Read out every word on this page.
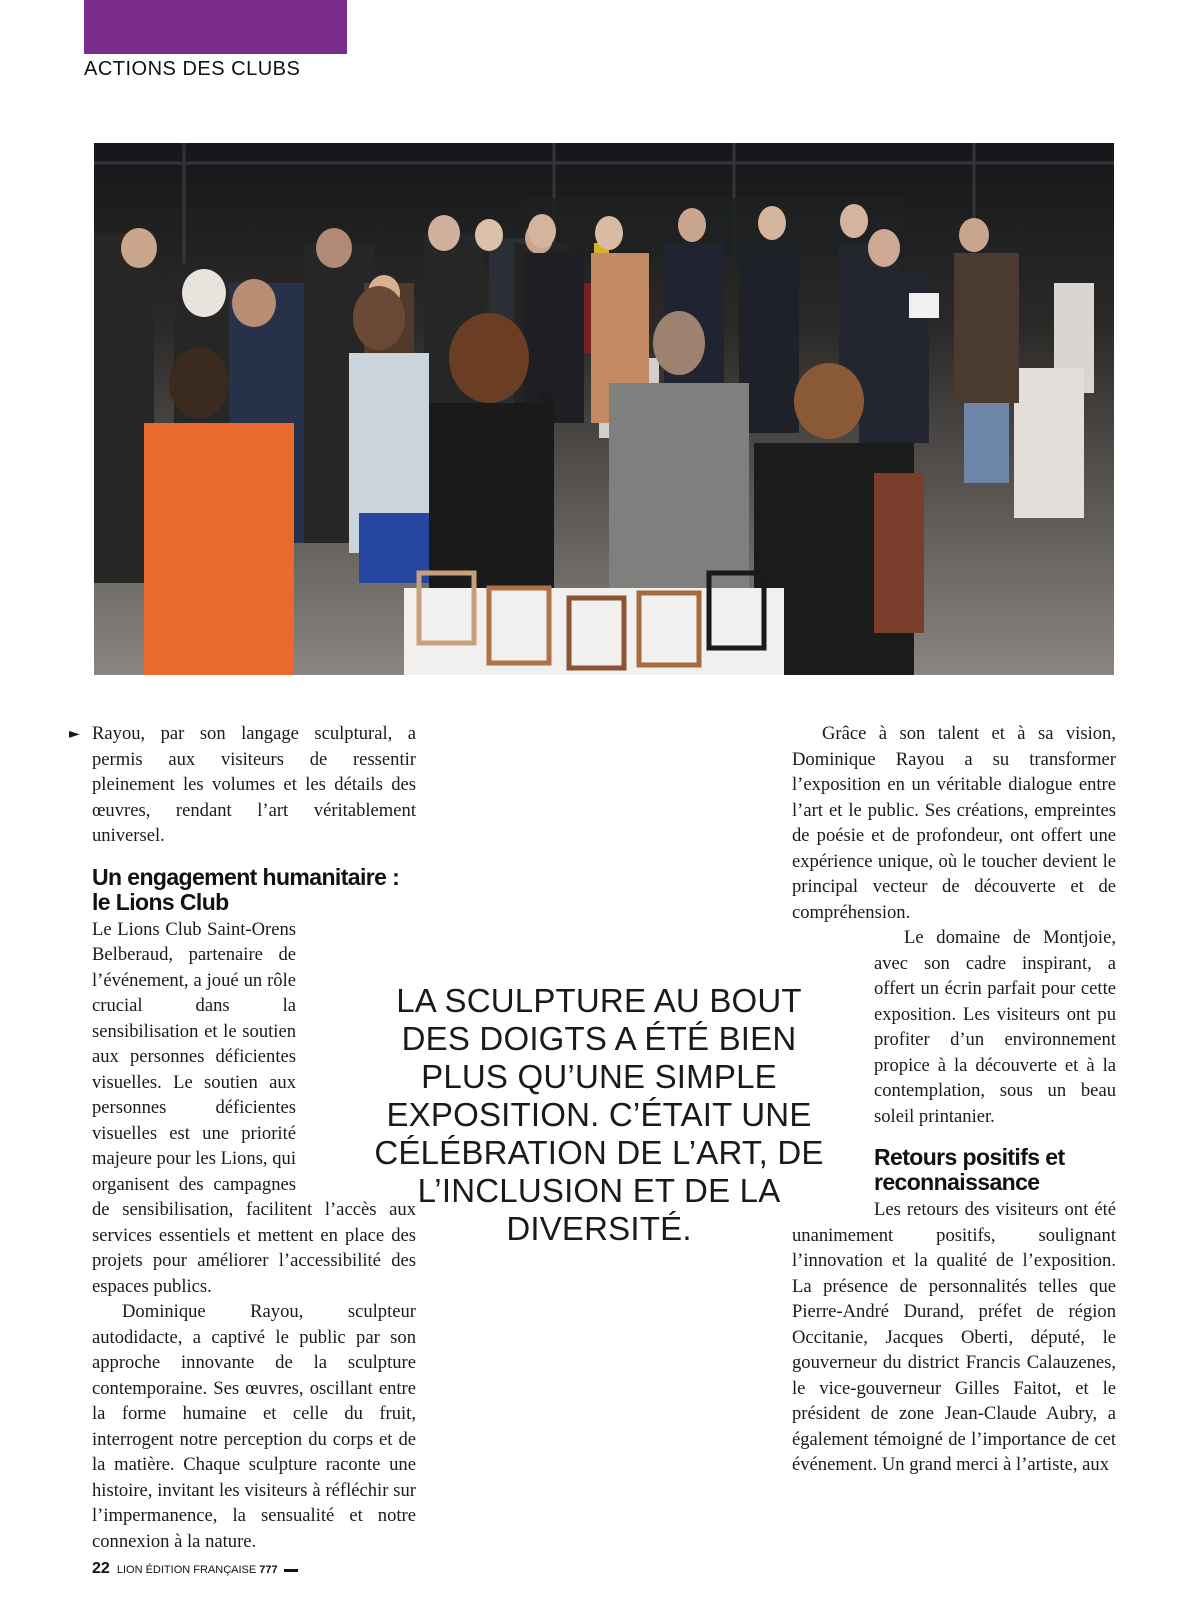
ACTIONS DES CLUBS
► Rayou, par son langage sculptural, a permis aux visiteurs de ressentir pleinement les volumes et les détails des œuvres, rendant l’art véritablement universel.

Un engagement humanitaire : le Lions Club

Le Lions Club Saint-Orens Belberaud, partenaire de l’événement, a joué un rôle crucial dans la sensibilisation et le soutien aux personnes déficientes visuelles. Le soutien aux personnes déficientes visuelles est une priorité majeure pour les Lions, qui organisent des campagnes de sensibilisation, facilitent l’accès aux services essentiels et mettent en place des projets pour améliorer l’accessibilité des espaces publics.

Dominique Rayou, sculpteur autodidacte, a captivé le public par son approche innovante de la sculpture contemporaine. Ses œuvres, oscillant entre la forme humaine et celle du fruit, interrogent notre perception du corps et de la matière. Chaque sculpture raconte une histoire, invitant les visiteurs à réfléchir sur l’impermanence, la sensualité et notre connexion à la nature.

LA SCULPTURE AU BOUT DES DOIGTS A ÉTÉ BIEN PLUS QU’UNE SIMPLE EXPOSITION. C’ÉTAIT UNE CÉLÉBRATION DE L’ART, DE L’INCLUSION ET DE LA DIVERSITÉ.

Grâce à son talent et à sa vision, Dominique Rayou a su transformer l’exposition en un véritable dialogue entre l’art et le public. Ses créations, empreintes de poésie et de profondeur, ont offert une expérience unique, où le toucher devient le principal vecteur de découverte et de compréhension.

Le domaine de Montjoie, avec son cadre inspirant, a offert un écrin parfait pour cette exposition. Les visiteurs ont pu profiter d’un environnement propice à la découverte et à la contemplation, sous un beau soleil printanier.

Retours positifs et reconnaissance

Les retours des visiteurs ont été unanimement positifs, soulignant l’innovation et la qualité de l’exposition. La présence de personnalités telles que Pierre-André Durand, préfet de région Occitanie, Jacques Oberti, député, le gouverneur du district Francis Calauzenes, le vice-gouverneur Gilles Faitot, et le président de zone Jean-Claude Aubry, a également témoigné de l’importance de cet événement. Un grand merci à l’artiste, aux

22 LION ÉDITION FRANÇAISE 777
